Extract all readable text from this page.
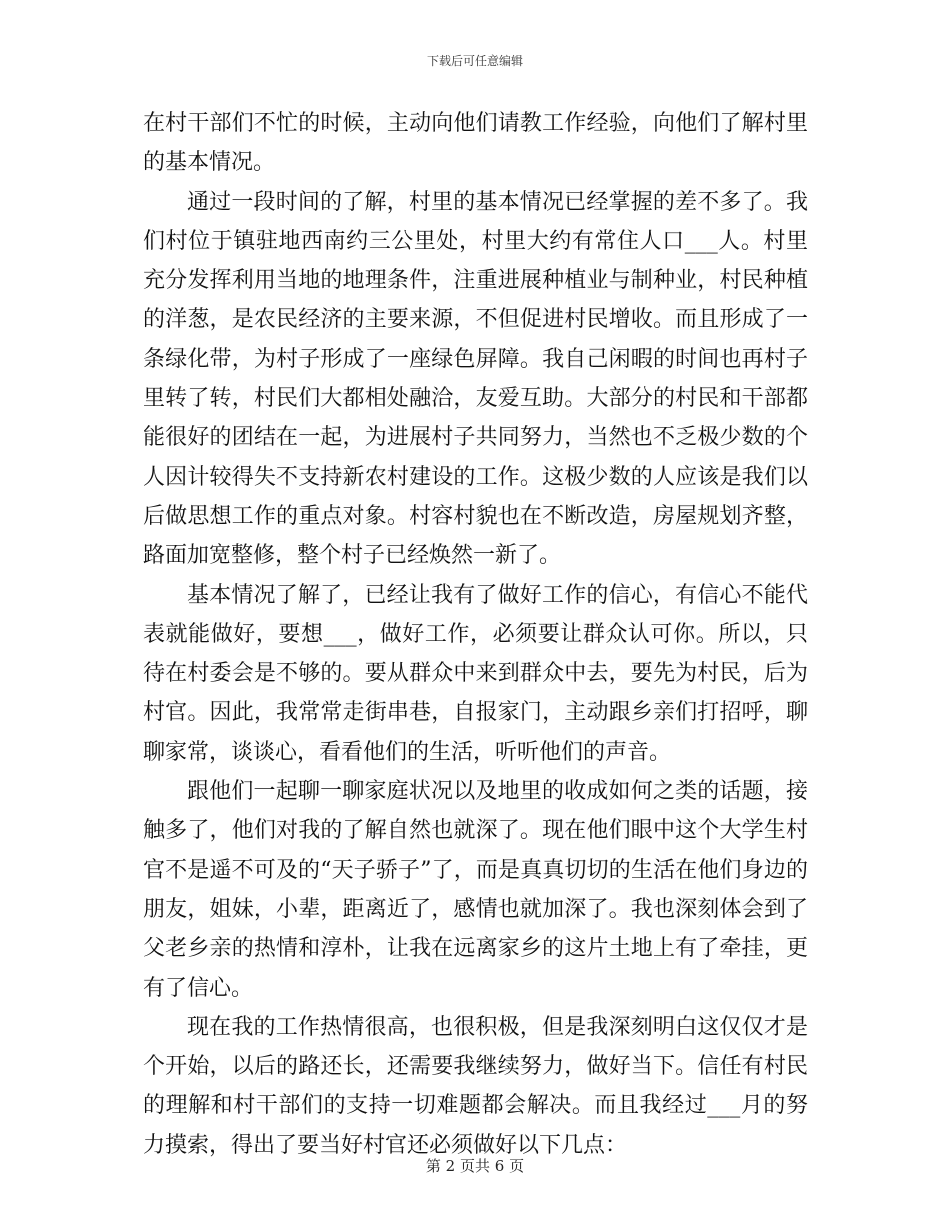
下载后可任意编辑

在村干部们不忙的时候，主动向他们请教工作经验，向他们了解村里的基本情况。

通过一段时间的了解，村里的基本情况已经掌握的差不多了。我们村位于镇驻地西南约三公里处，村里大约有常住人口___人。村里充分发挥利用当地的地理条件，注重进展种植业与制种业，村民种植的洋葱，是农民经济的主要来源，不但促进村民增收。而且形成了一条绿化带，为村子形成了一座绿色屏障。我自己闲暇的时间也再村子里转了转，村民们大都相处融洽，友爱互助。大部分的村民和干部都能很好的团结在一起，为进展村子共同努力，当然也不乏极少数的个人因计较得失不支持新农村建设的工作。这极少数的人应该是我们以后做思想工作的重点对象。村容村貌也在不断改造，房屋规划齐整，路面加宽整修，整个村子已经焕然一新了。

基本情况了解了，已经让我有了做好工作的信心，有信心不能代表就能做好，要想___，做好工作，必须要让群众认可你。所以，只待在村委会是不够的。要从群众中来到群众中去，要先为村民，后为村官。因此，我常常走街串巷，自报家门，主动跟乡亲们打招呼，聊聊家常，谈谈心，看看他们的生活，听听他们的声音。

跟他们一起聊一聊家庭状况以及地里的收成如何之类的话题，接触多了，他们对我的了解自然也就深了。现在他们眼中这个大学生村官不是遥不可及的“天子骄子”了，而是真真切切的生活在他们身边的朋友，姐妹，小辈，距离近了，感情也就加深了。我也深刻体会到了父老乡亲的热情和淳朴，让我在远离家乡的这片土地上有了牵挂，更有了信心。

现在我的工作热情很高，也很积极，但是我深刻明白这仅仅才是个开始，以后的路还长，还需要我继续努力，做好当下。信任有村民的理解和村干部们的支持一切难题都会解决。而且我经过___月的努力摸索，得出了要当好村官还必须做好以下几点：

第 2 页共 6 页
